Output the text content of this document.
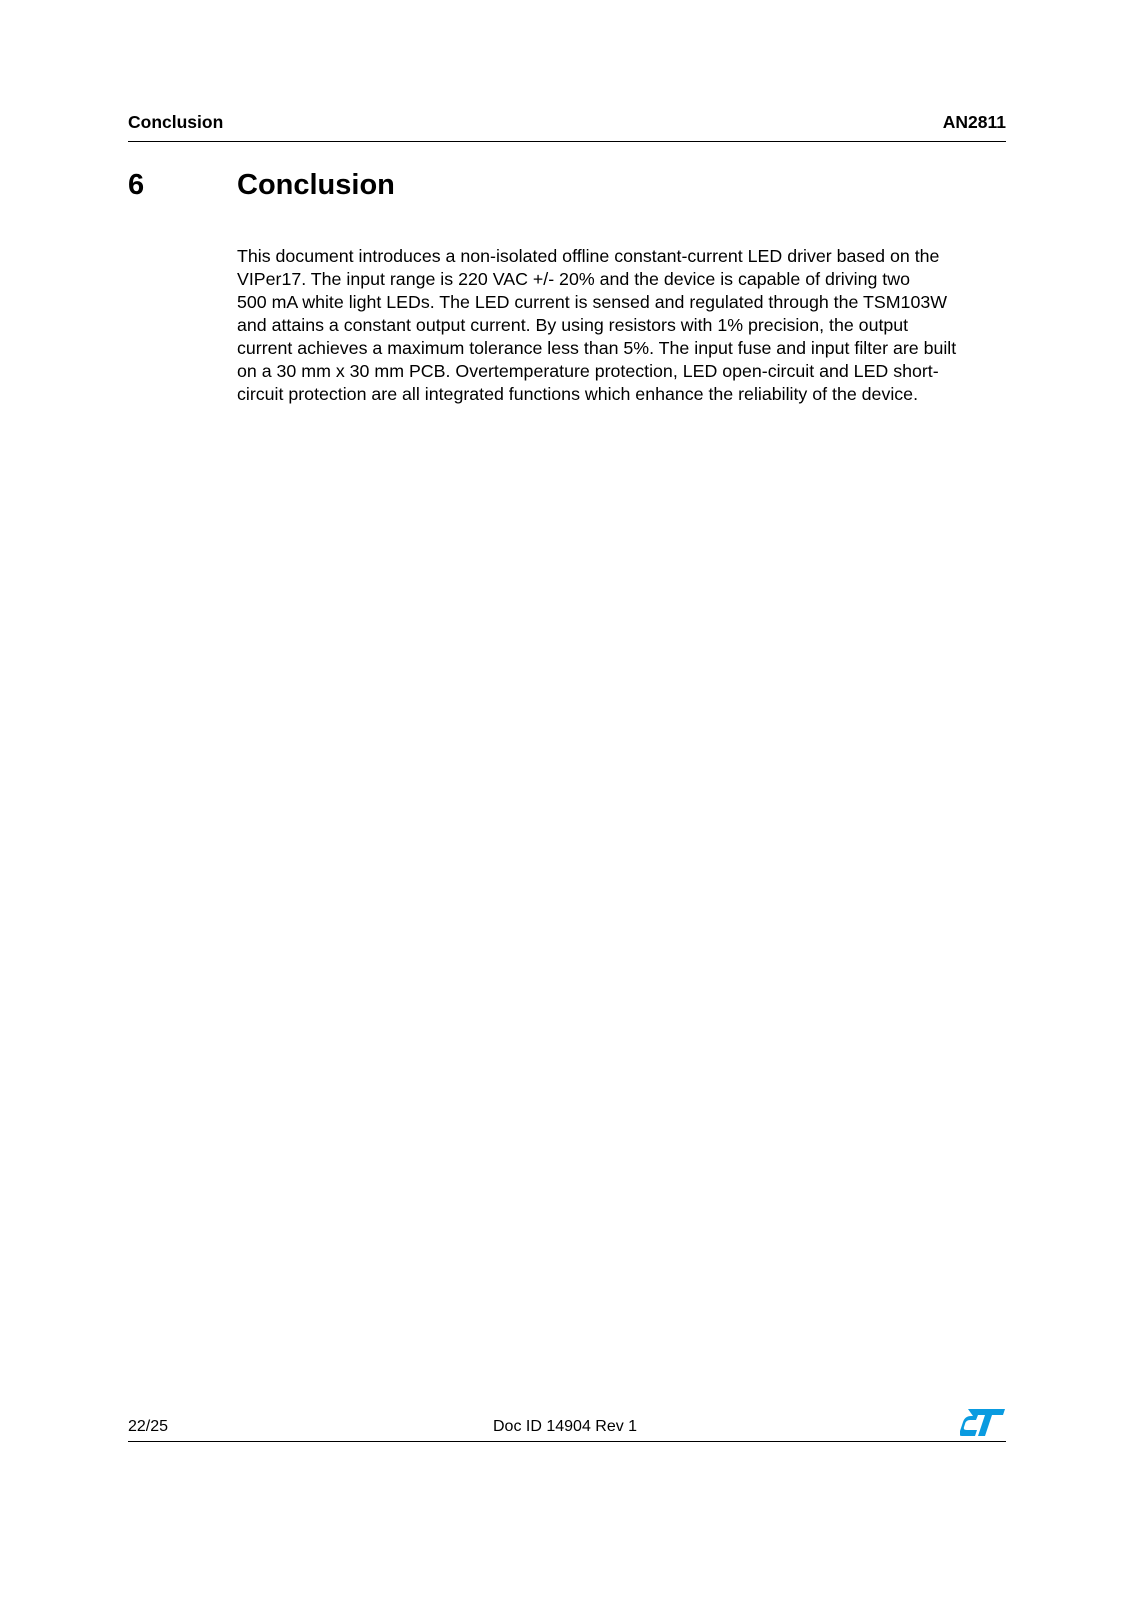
Conclusion	AN2811
6	Conclusion

This document introduces a non-isolated offline constant-current LED driver based on the
VIPer17. The input range is 220 VAC +/- 20% and the device is capable of driving two
500 mA white light LEDs. The LED current is sensed and regulated through the TSM103W
and attains a constant output current. By using resistors with 1% precision, the output
current achieves a maximum tolerance less than 5%. The input fuse and input filter are built
on a 30 mm x 30 mm PCB. Overtemperature protection, LED open-circuit and LED short-
circuit protection are all integrated functions which enhance the reliability of the device.

22/25	Doc ID 14904 Rev 1
